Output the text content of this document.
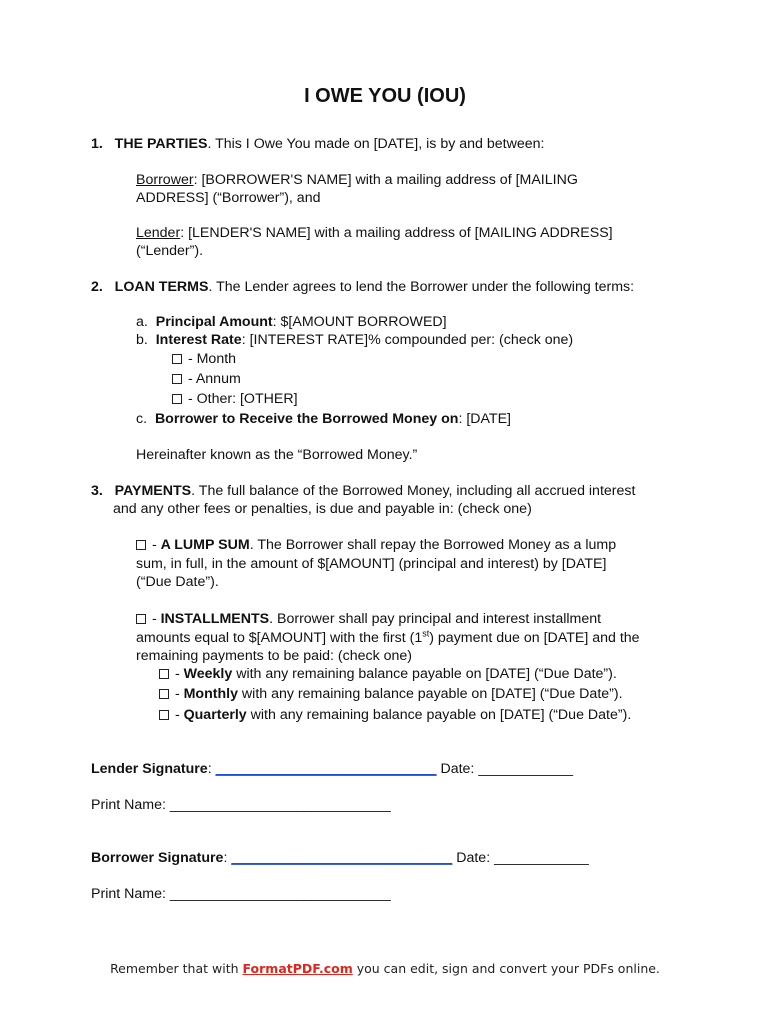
I OWE YOU (IOU)
1. THE PARTIES. This I Owe You made on [DATE], is by and between:
Borrower: [BORROWER'S NAME] with a mailing address of [MAILING
ADDRESS] (“Borrower”), and
Lender: [LENDER'S NAME] with a mailing address of [MAILING ADDRESS]
(“Lender”).
2. LOAN TERMS. The Lender agrees to lend the Borrower under the following terms:
a. Principal Amount: $[AMOUNT BORROWED]
b. Interest Rate: [INTEREST RATE]% compounded per: (check one)
- Month
- Annum
- Other: [OTHER]
c. Borrower to Receive the Borrowed Money on: [DATE]
Hereinafter known as the “Borrowed Money.”
3. PAYMENTS. The full balance of the Borrowed Money, including all accrued interest
and any other fees or penalties, is due and payable in: (check one)
- A LUMP SUM. The Borrower shall repay the Borrowed Money as a lump
sum, in full, in the amount of $[AMOUNT] (principal and interest) by [DATE]
(“Due Date”).
- INSTALLMENTS. Borrower shall pay principal and interest installment
amounts equal to $[AMOUNT] with the first (1st) payment due on [DATE] and the
remaining payments to be paid: (check one)
- Weekly with any remaining balance payable on [DATE] (“Due Date”).
- Monthly with any remaining balance payable on [DATE] (“Due Date”).
- Quarterly with any remaining balance payable on [DATE] (“Due Date”).
Lender Signature: ____________________________ Date: ____________
Print Name: ____________________________
Borrower Signature: ____________________________ Date: ____________
Print Name: ____________________________
Remember that with FormatPDF.com you can edit, sign and convert your PDFs online.
